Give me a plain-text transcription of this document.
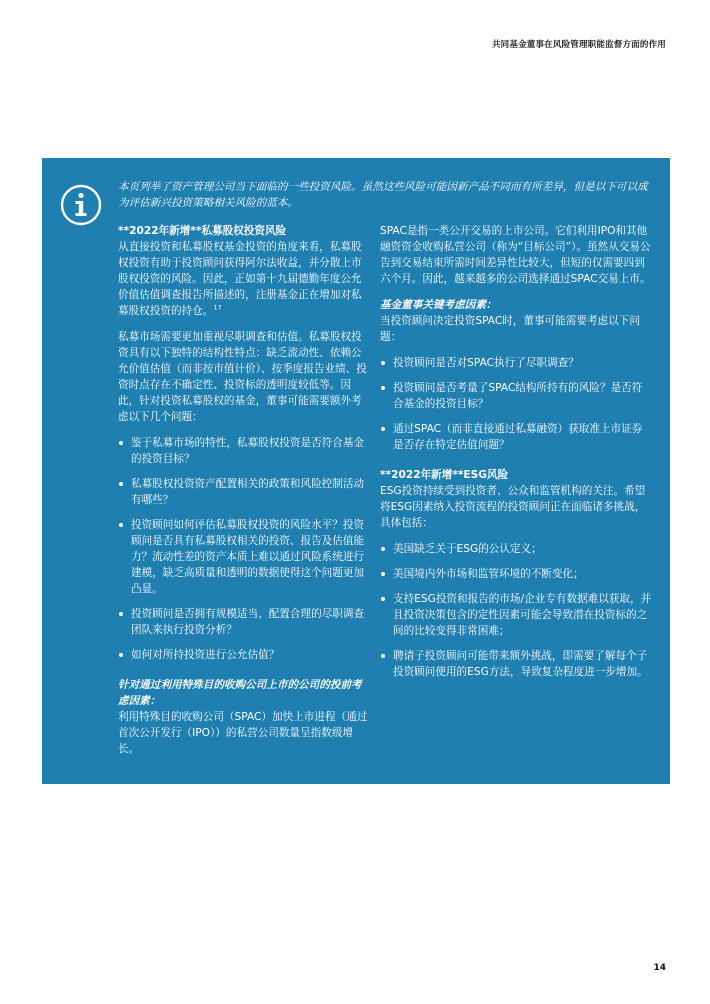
共同基金董事在风险管理职能监督方面的作用
本页列举了资产管理公司当下面临的一些投资风险。虽然这些风险可能因新产品不同而有所差异，但是以下可以成为评估新兴投资策略相关风险的蓝本。

**2022年新增**私募股权投资风险

从直接投资和私募股权基金投资的角度来看，私募股权投资有助于投资顾问获得阿尔法收益，并分散上市股权投资的风险。因此，正如第十九届德勤年度公允价值估值调查报告所描述的，注册基金正在增加对私募股权投资的持仓。$^{17}$

私募市场需要更加重视尽职调查和估值。私募股权投资具有以下独特的结构性特点：缺乏流动性、依赖公允价值估值（而非按市值计价）、按季度报告业绩、投资时点存在不确定性、投资标的透明度较低等。因此，针对投资私募股权的基金，董事可能需要额外考虑以下几个问题：

鉴于私募市场的特性，私募股权投资是否符合基金的投资目标？
私募股权投资资产配置相关的政策和风险控制活动有哪些？
投资顾问如何评估私募股权投资的风险水平？投资顾问是否具有私募股权相关的投资、报告及估值能力？流动性差的资产本质上难以通过风险系统进行建模，缺乏高质量和透明的数据使得这个问题更加凸显。
投资顾问是否拥有规模适当、配置合理的尽职调查团队来执行投资分析？
如何对所持投资进行公允估值？

针对通过利用特殊目的收购公司上市的公司的投前考虑因素：

利用特殊目的收购公司（SPAC）加快上市进程（通过首次公开发行（IPO））的私营公司数量呈指数级增长。

SPAC是指一类公开交易的上市公司。它们利用IPO和其他融资资金收购私营公司（称为“目标公司”）。虽然从交易公告到交易结束所需时间差异性比较大，但短的仅需要四到六个月。因此，越来越多的公司选择通过SPAC交易上市。

基金董事关键考虑因素：

当投资顾问决定投资SPAC时，董事可能需要考虑以下问题：

投资顾问是否对SPAC执行了尽职调查？
投资顾问是否考量了SPAC结构所持有的风险？是否符合基金的投资目标？
通过SPAC（而非直接通过私募融资）获取准上市证券是否存在特定估值问题？

**2022年新增**ESG风险

ESG投资持续受到投资者、公众和监管机构的关注。希望将ESG因素纳入投资流程的投资顾问正在面临诸多挑战，具体包括：

美国缺乏关于ESG的公认定义；
美国境内外市场和监管环境的不断变化；
支持ESG投资和报告的市场/企业专有数据难以获取，并且投资决策包含的定性因素可能会导致潜在投资标的之间的比较变得非常困难；
聘请子投资顾问可能带来额外挑战，即需要了解每个子投资顾问使用的ESG方法，导致复杂程度进一步增加。
14
